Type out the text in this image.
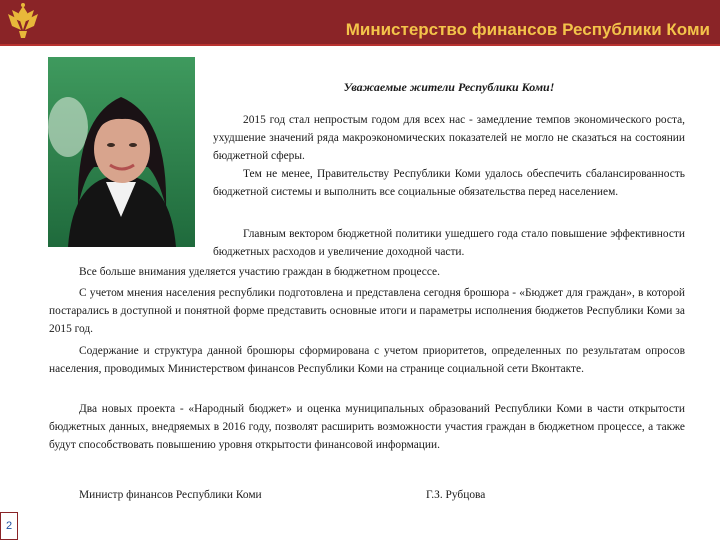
Министерство финансов Республики Коми
Уважаемые жители Республики Коми!

2015 год стал непростым годом для всех нас - замедление темпов экономического роста, ухудшение значений ряда макроэкономических показателей не могло не сказаться на состоянии бюджетной сферы.

Тем не менее, Правительству Республики Коми удалось обеспечить сбалансированность бюджетной системы и выполнить все социальные обязательства перед населением.

Главным вектором бюджетной политики ушедшего года стало повышение эффективности бюджетных расходов и увеличение доходной части.

Все больше внимания уделяется участию граждан в бюджетном процессе.

С учетом мнения населения республики подготовлена и представлена сегодня брошюра - «Бюджет для граждан», в которой постарались в доступной и понятной форме представить основные итоги и параметры исполнения бюджетов Республики Коми за 2015 год.

Содержание и структура данной брошюры сформирована с учетом приоритетов, определенных по результатам опросов населения, проводимых Министерством финансов Республики Коми на странице социальной сети Вконтакте.

Два новых проекта - «Народный бюджет» и оценка муниципальных образований Республики Коми в части открытости бюджетных данных, внедряемых в 2016 году, позволят расширить возможности участия граждан в бюджетном процессе, а также будут способствовать повышению уровня открытости финансовой информации.

Министр финансов Республики Коми	Г.З. Рубцова
2
